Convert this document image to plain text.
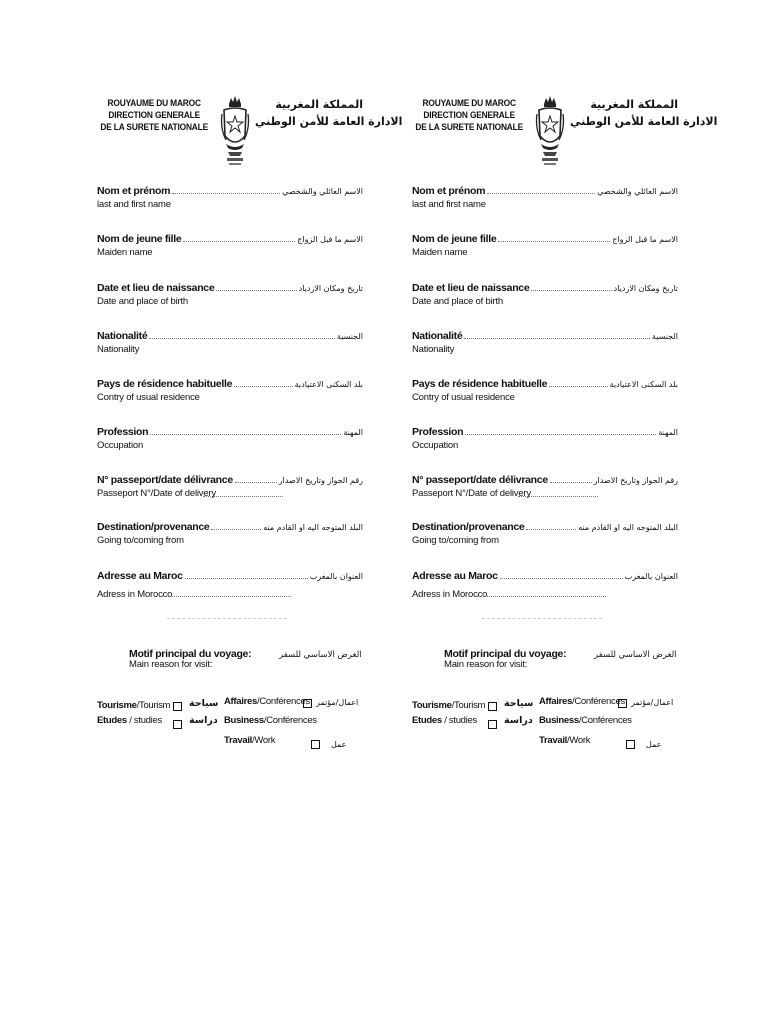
ROUYAUME DU MAROC
DIRECTION GENERALE
DE LA SURETE NATIONALE
المملكة المغربية
الادارة العامة للأمن الوطني
Nom et prénom	الاسم العائلي والشخصي
last and first name
Nom de jeune fille	الاسم ما قبل الزواج
Maiden name
Date et lieu de naissance	تاريخ ومكان الازدياد
Date and place of birth
Nationalité	الجنسية
Nationality
Pays de résidence habituelle	بلد السكنى الاعتيادية
Contry of usual residence
Profession	المهنة
Occupation
N° passeport/date délivrance	رقم الجواز وتاريخ الاصدار
Passeport N°/Date of delivery
Destination/provenance	البلد المتوجه اليه او القادم منه
Going to/coming from
Adresse au Maroc	العنوان بالمغرب
Adress in Morocco
Motif principal du voyage:
Main reason for visit:
الغرض الاساسي للسفر
Tourisme/Tourism سياحة
Etudes / studies	دراسة
Affaires/Conférences اعمال/مؤتمر
Business/Conférences
Travail/Work	عمل
ROUYAUME DU MAROC
DIRECTION GENERALE
DE LA SURETE NATIONALE
المملكة المغربية
الادارة العامة للأمن الوطني
Nom et prénom	الاسم العائلي والشخصي
last and first name
Nom de jeune fille	الاسم ما قبل الزواج
Maiden name
Date et lieu de naissance	تاريخ ومكان الازدياد
Date and place of birth
Nationalité	الجنسية
Nationality
Pays de résidence habituelle	بلد السكنى الاعتيادية
Contry of usual residence
Profession	المهنة
Occupation
N° passeport/date délivrance	رقم الجواز وتاريخ الاصدار
Passeport N°/Date of delivery
Destination/provenance	البلد المتوجه اليه او القادم منه
Going to/coming from
Adresse au Maroc	العنوان بالمغرب
Adress in Morocco
Motif principal du voyage:
Main reason for visit:
الغرض الاساسي للسفر
Tourisme/Tourism سياحة
Etudes / studies	دراسة
Affaires/Conférences اعمال/مؤتمر
Business/Conférences
Travail/Work	عمل
